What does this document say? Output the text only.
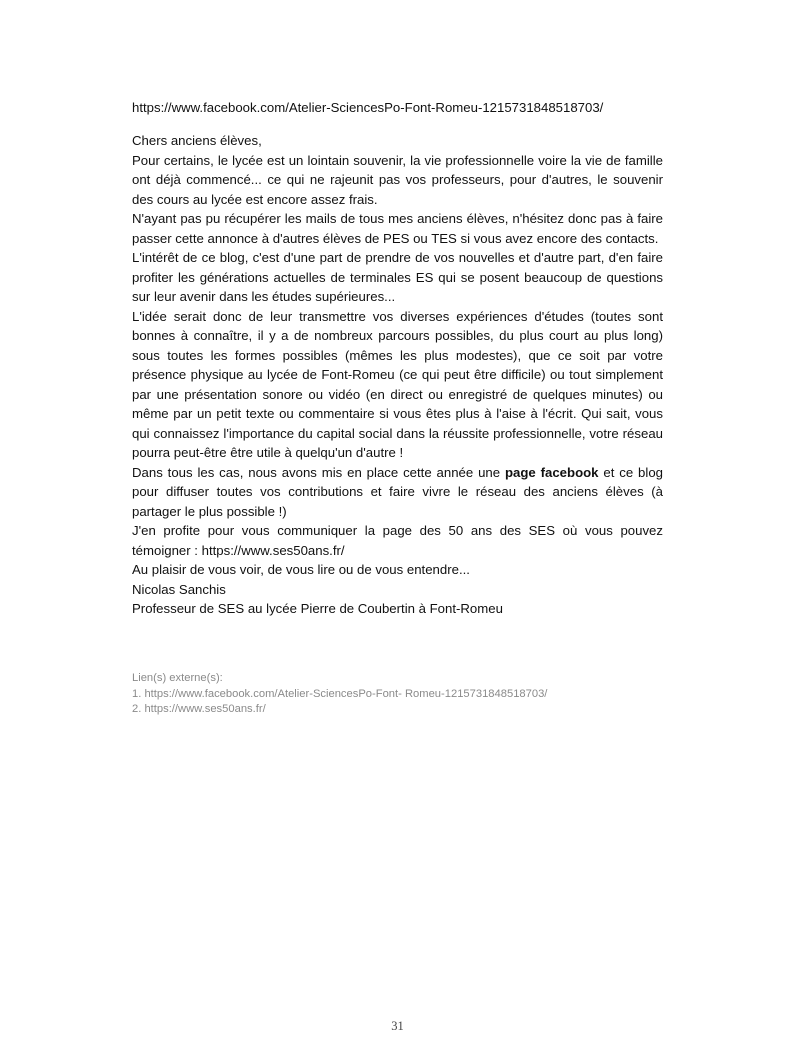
https://www.facebook.com/Atelier-SciencesPo-Font-Romeu-1215731848518703/

Chers anciens élèves,

Pour certains, le lycée est un lointain souvenir, la vie professionnelle voire la vie de famille ont déjà commencé... ce qui ne rajeunit pas vos professeurs, pour d'autres, le souvenir des cours au lycée est encore assez frais.

N'ayant pas pu récupérer les mails de tous mes anciens élèves, n'hésitez donc pas à faire passer cette annonce à d'autres élèves de PES ou TES si vous avez encore des contacts.

L'intérêt de ce blog, c'est d'une part de prendre de vos nouvelles et d'autre part, d'en faire profiter les générations actuelles de terminales ES qui se posent beaucoup de questions sur leur avenir dans les études supérieures...

L'idée serait donc de leur transmettre vos diverses expériences d'études (toutes sont bonnes à connaître, il y a de nombreux parcours possibles, du plus court au plus long) sous toutes les formes possibles (mêmes les plus modestes), que ce soit par votre présence physique au lycée de Font-Romeu (ce qui peut être difficile) ou tout simplement par une présentation sonore ou vidéo (en direct ou enregistré de quelques minutes) ou même par un petit texte ou commentaire si vous êtes plus à l'aise à l'écrit. Qui sait, vous qui connaissez l'importance du capital social dans la réussite professionnelle, votre réseau pourra peut-être être utile à quelqu'un d'autre !

Dans tous les cas, nous avons mis en place cette année une page facebook et ce blog pour diffuser toutes vos contributions et faire vivre le réseau des anciens élèves (à partager le plus possible !)

J'en profite pour vous communiquer la page des 50 ans des SES où vous pouvez témoigner : https://www.ses50ans.fr/

Au plaisir de vous voir, de vous lire ou de vous entendre...

Nicolas Sanchis

Professeur de SES au lycée Pierre de Coubertin à Font-Romeu

Lien(s) externe(s):
1. https://www.facebook.com/Atelier-SciencesPo-Font- Romeu-1215731848518703/
2. https://www.ses50ans.fr/
31
